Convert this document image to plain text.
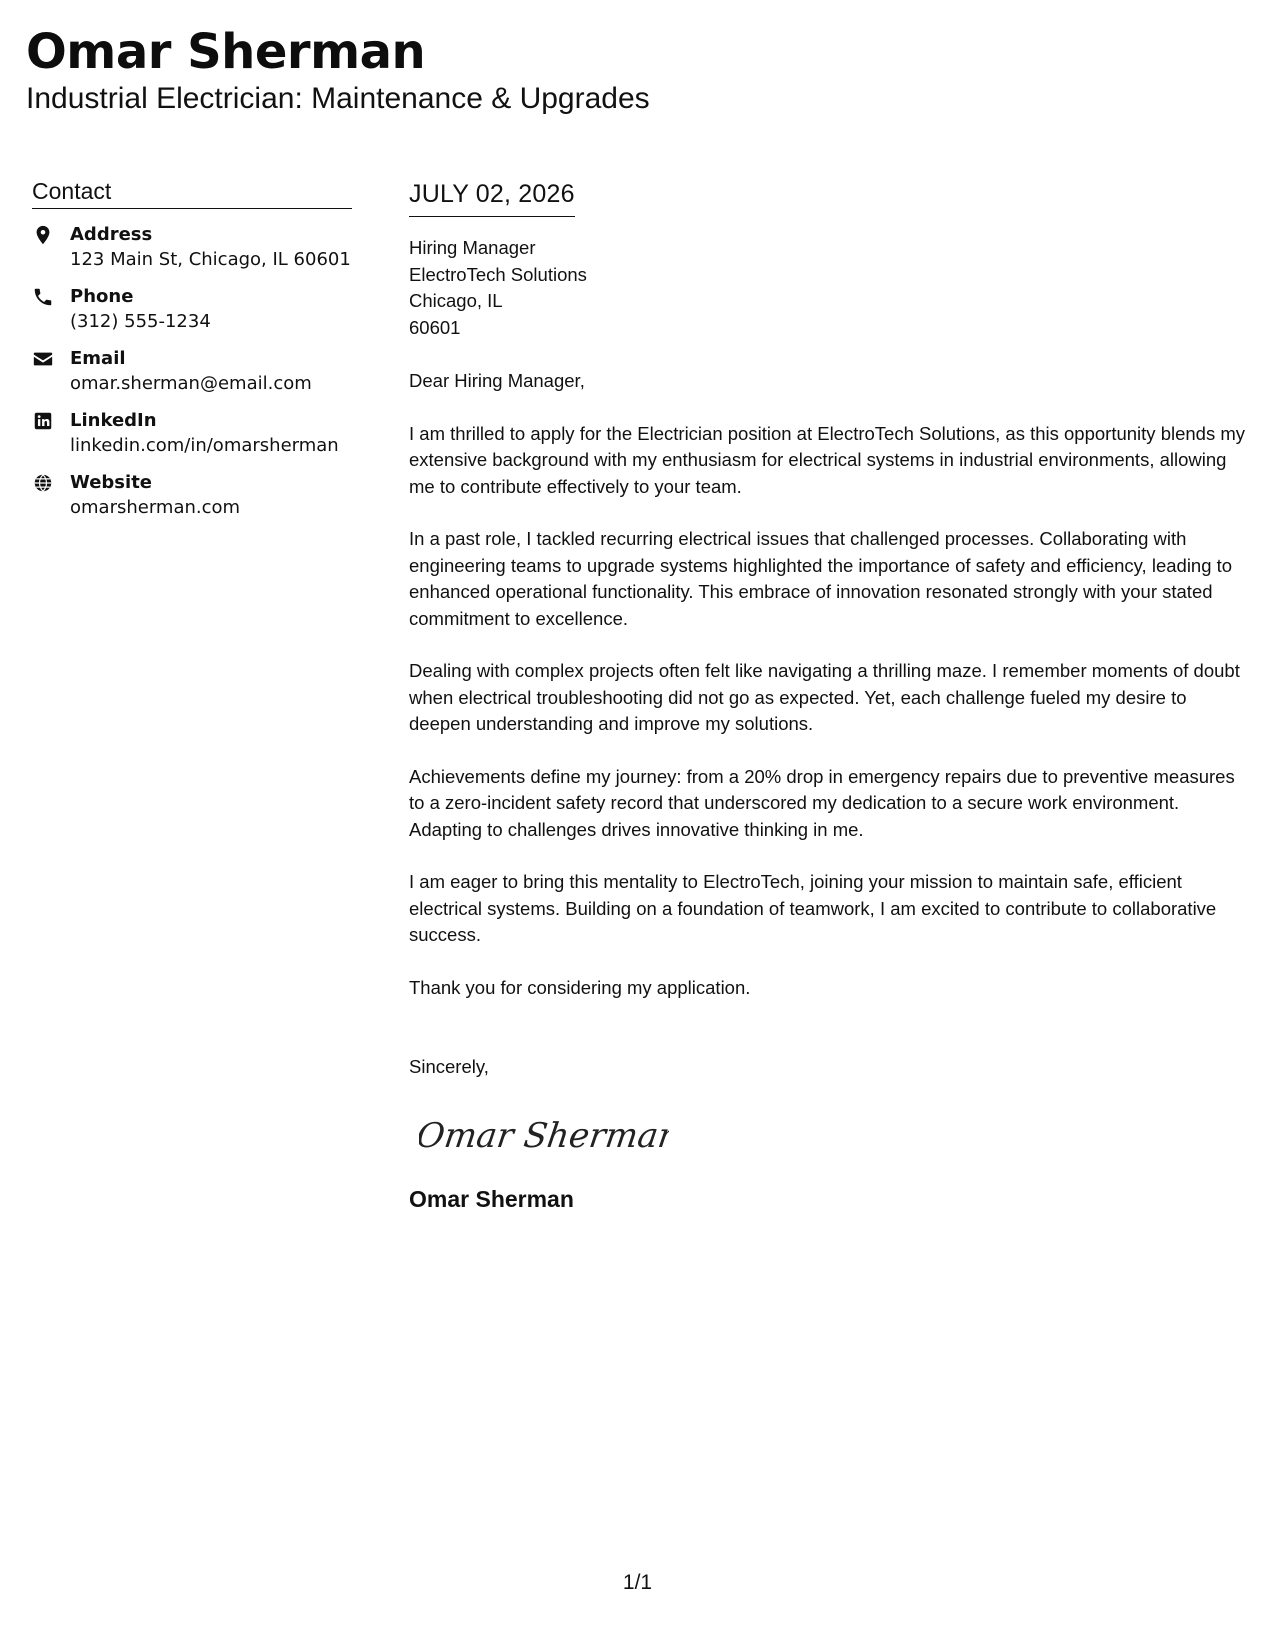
Omar Sherman
Industrial Electrician: Maintenance & Upgrades
Contact
Address
123 Main St, Chicago, IL 60601
Phone
(312) 555-1234
Email
omar.sherman@email.com
LinkedIn
linkedin.com/in/omarsherman
Website
omarsherman.com
JULY 02, 2026
Hiring Manager
ElectroTech Solutions
Chicago, IL
60601
Dear Hiring Manager,
I am thrilled to apply for the Electrician position at ElectroTech Solutions, as this opportunity blends my extensive background with my enthusiasm for electrical systems in industrial environments, allowing me to contribute effectively to your team.
In a past role, I tackled recurring electrical issues that challenged processes. Collaborating with engineering teams to upgrade systems highlighted the importance of safety and efficiency, leading to enhanced operational functionality. This embrace of innovation resonated strongly with your stated commitment to excellence.
Dealing with complex projects often felt like navigating a thrilling maze. I remember moments of doubt when electrical troubleshooting did not go as expected. Yet, each challenge fueled my desire to deepen understanding and improve my solutions.
Achievements define my journey: from a 20% drop in emergency repairs due to preventive measures to a zero-incident safety record that underscored my dedication to a secure work environment. Adapting to challenges drives innovative thinking in me.
I am eager to bring this mentality to ElectroTech, joining your mission to maintain safe, efficient electrical systems. Building on a foundation of teamwork, I am excited to contribute to collaborative success.
Thank you for considering my application.
Sincerely,
Omar Sherman
Omar Sherman
1/1
